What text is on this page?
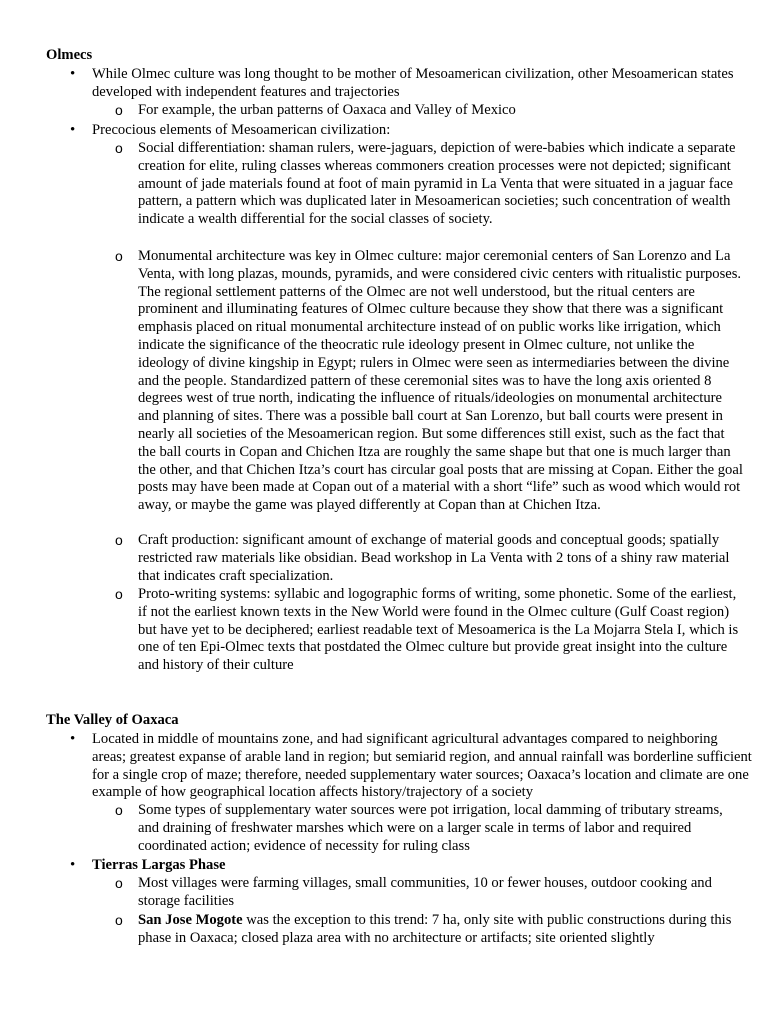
Olmecs
• While Olmec culture was long thought to be mother of Mesoamerican civilization, other Mesoamerican states developed with independent features and trajectories
o For example, the urban patterns of Oaxaca and Valley of Mexico
• Precocious elements of Mesoamerican civilization:
o Social differentiation: shaman rulers, were-jaguars, depiction of were-babies which indicate a separate creation for elite, ruling classes whereas commoners creation processes were not depicted; significant amount of jade materials found at foot of main pyramid in La Venta that were situated in a jaguar face pattern, a pattern which was duplicated later in Mesoamerican societies; such concentration of wealth indicate a wealth differential for the social classes of society.
o Monumental architecture was key in Olmec culture: major ceremonial centers of San Lorenzo and La Venta, with long plazas, mounds, pyramids, and were considered civic centers with ritualistic purposes. The regional settlement patterns of the Olmec are not well understood, but the ritual centers are prominent and illuminating features of Olmec culture because they show that there was a significant emphasis placed on ritual monumental architecture instead of on public works like irrigation, which indicate the significance of the theocratic rule ideology present in Olmec culture, not unlike the ideology of divine kingship in Egypt; rulers in Olmec were seen as intermediaries between the divine and the people. Standardized pattern of these ceremonial sites was to have the long axis oriented 8 degrees west of true north, indicating the influence of rituals/ideologies on monumental architecture and planning of sites. There was a possible ball court at San Lorenzo, but ball courts were present in nearly all societies of the Mesoamerican region. But some differences still exist, such as the fact that the ball courts in Copan and Chichen Itza are roughly the same shape but that one is much larger than the other, and that Chichen Itza’s court has circular goal posts that are missing at Copan. Either the goal posts may have been made at Copan out of a material with a short “life” such as wood which would rot away, or maybe the game was played differently at Copan than at Chichen Itza.
o Craft production: significant amount of exchange of material goods and conceptual goods; spatially restricted raw materials like obsidian. Bead workshop in La Venta with 2 tons of a shiny raw material that indicates craft specialization.
o Proto-writing systems: syllabic and logographic forms of writing, some phonetic. Some of the earliest, if not the earliest known texts in the New World were found in the Olmec culture (Gulf Coast region) but have yet to be deciphered; earliest readable text of Mesoamerica is the La Mojarra Stela I, which is one of ten Epi-Olmec texts that postdated the Olmec culture but provide great insight into the culture and history of their culture
The Valley of Oaxaca
• Located in middle of mountains zone, and had significant agricultural advantages compared to neighboring areas; greatest expanse of arable land in region; but semiarid region, and annual rainfall was borderline sufficient for a single crop of maze; therefore, needed supplementary water sources; Oaxaca’s location and climate are one example of how geographical location affects history/trajectory of a society
o Some types of supplementary water sources were pot irrigation, local damming of tributary streams, and draining of freshwater marshes which were on a larger scale in terms of labor and required coordinated action; evidence of necessity for ruling class
• Tierras Largas Phase
o Most villages were farming villages, small communities, 10 or fewer houses, outdoor cooking and storage facilities
o San Jose Mogote was the exception to this trend: 7 ha, only site with public constructions during this phase in Oaxaca; closed plaza area with no architecture or artifacts; site oriented slightly
